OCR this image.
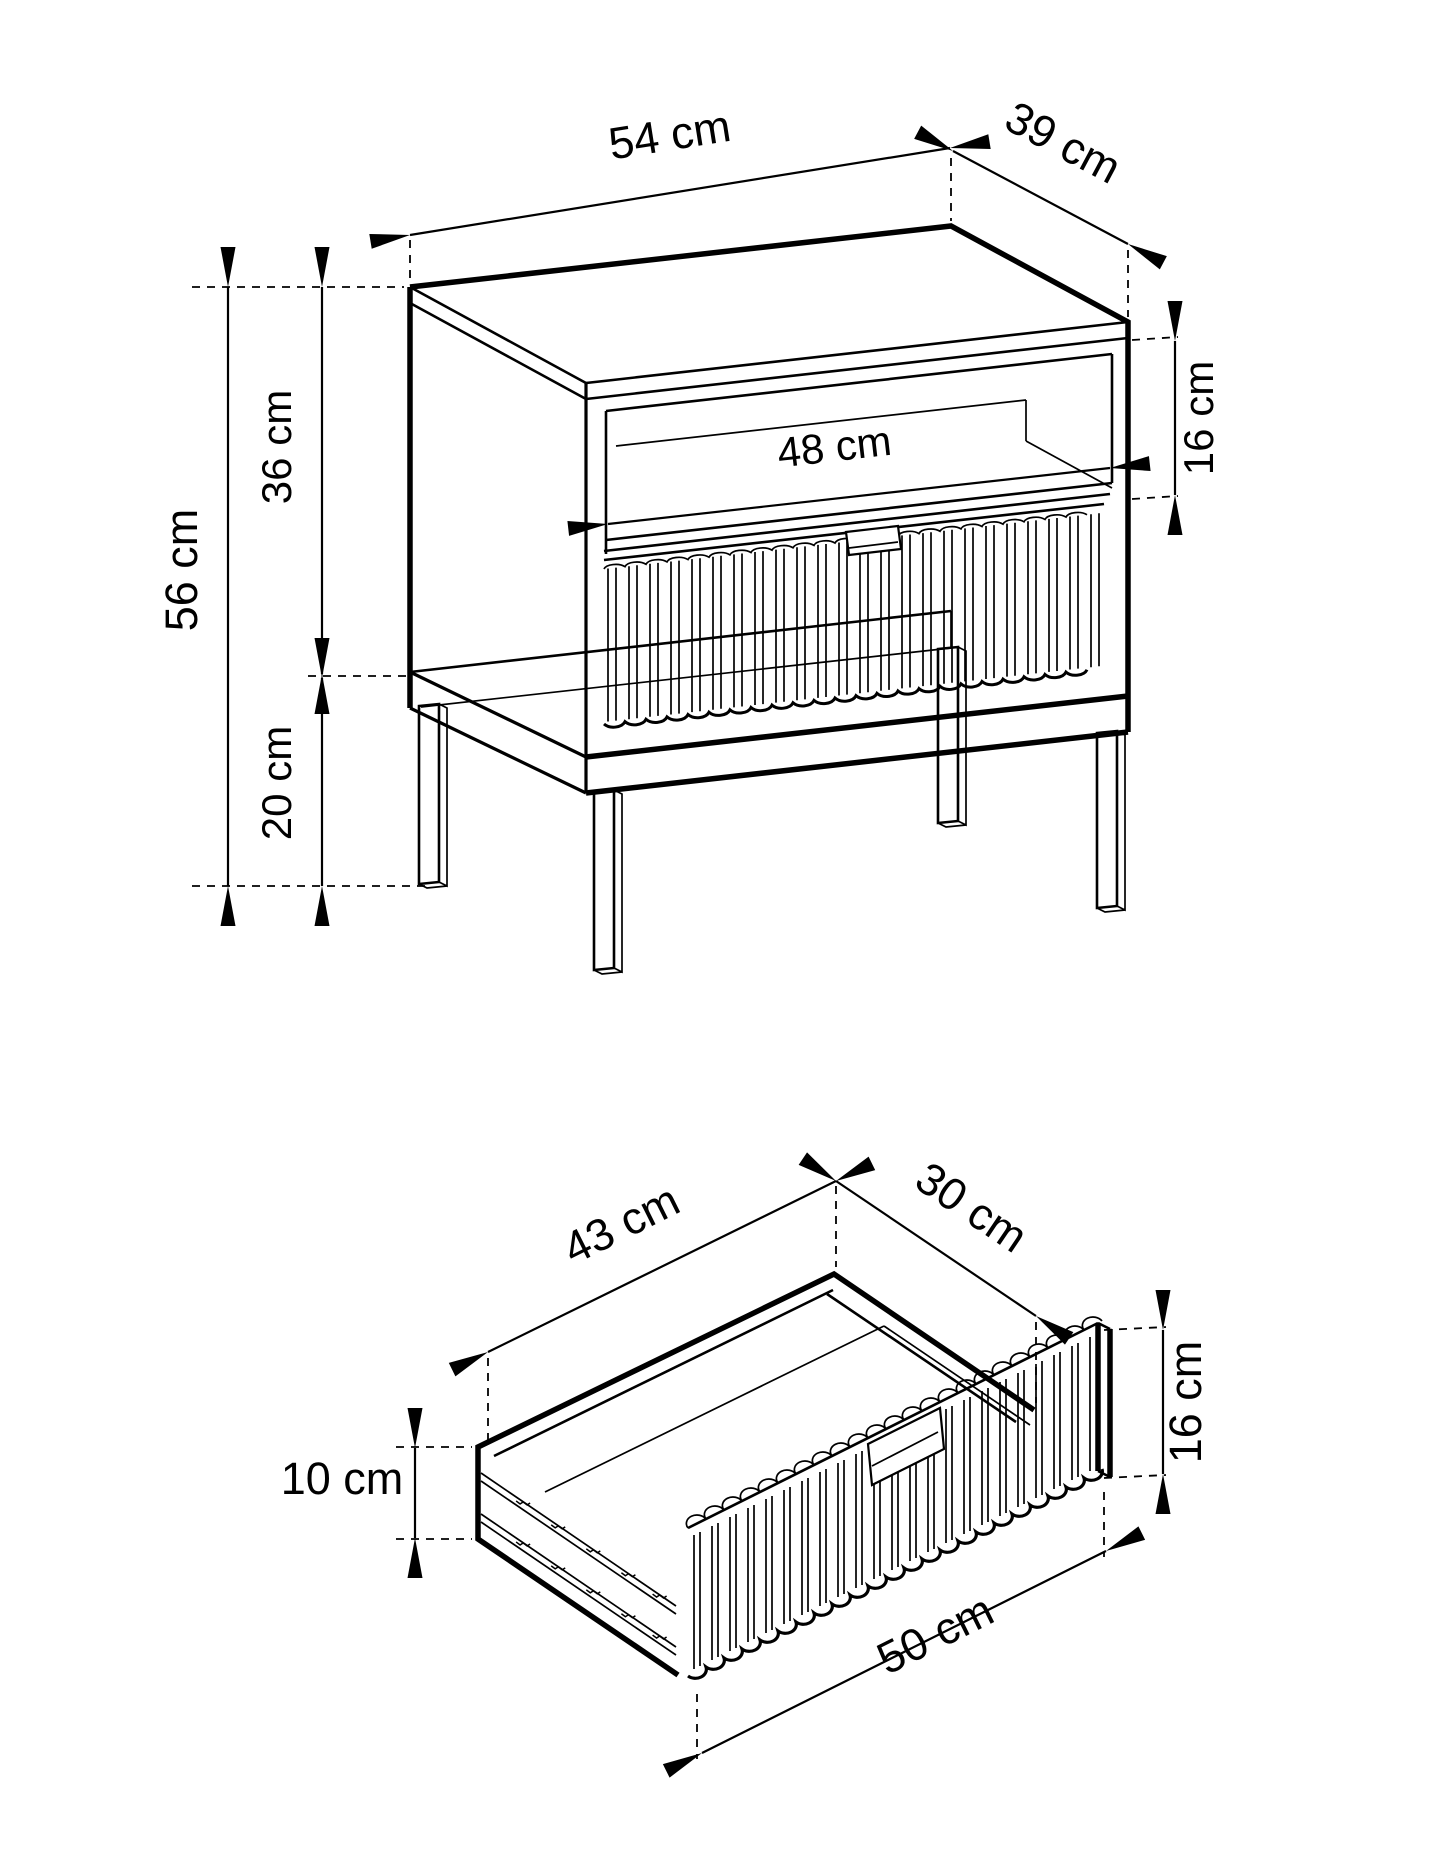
54 cm	39 cm
56 cm
36 cm
20 cm
48 cm	16 cm
43 cm	30 cm
10 cm
16 cm
50 cm
